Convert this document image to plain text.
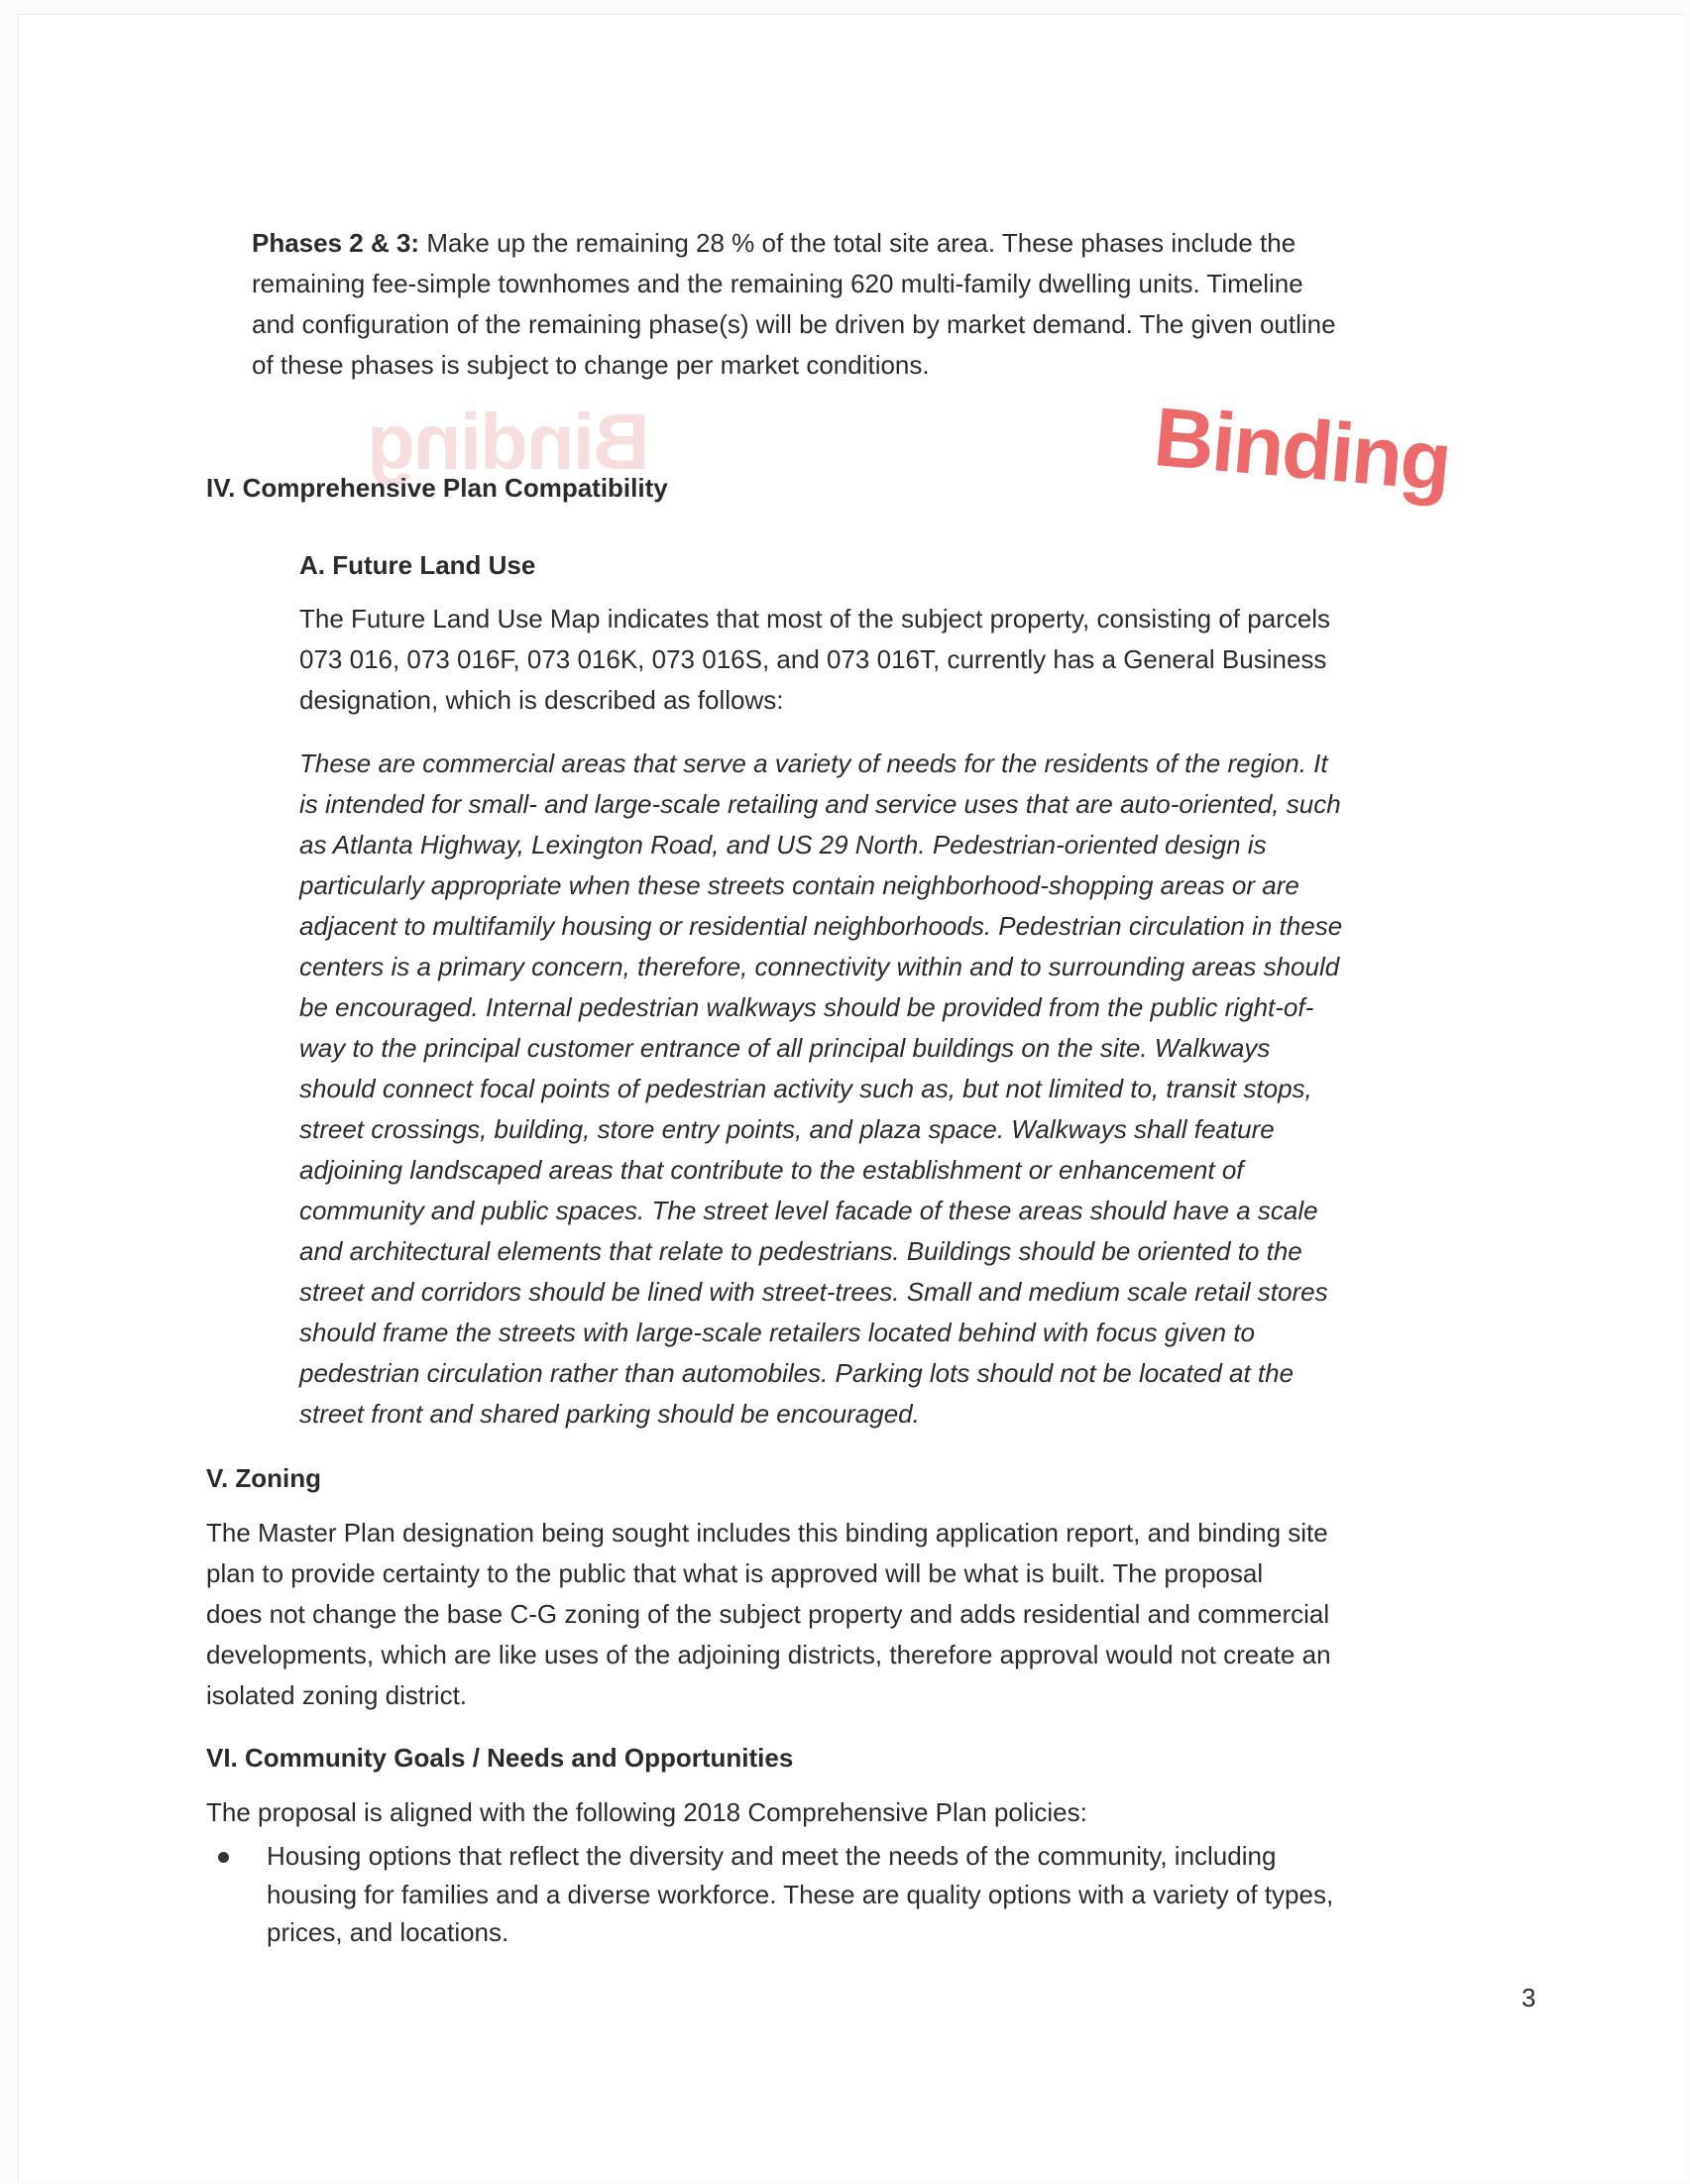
Phases 2 & 3: Make up the remaining 28 % of the total site area. These phases include the
remaining fee-simple townhomes and the remaining 620 multi-family dwelling units. Timeline
and configuration of the remaining phase(s) will be driven by market demand. The given outline
of these phases is subject to change per market conditions.
Binding	Binding
IV. Comprehensive Plan Compatibility
A. Future Land Use
The Future Land Use Map indicates that most of the subject property, consisting of parcels
073 016, 073 016F, 073 016K, 073 016S, and 073 016T, currently has a General Business
designation, which is described as follows:
These are commercial areas that serve a variety of needs for the residents of the region. It
is intended for small- and large-scale retailing and service uses that are auto-oriented, such
as Atlanta Highway, Lexington Road, and US 29 North. Pedestrian-oriented design is
particularly appropriate when these streets contain neighborhood-shopping areas or are
adjacent to multifamily housing or residential neighborhoods. Pedestrian circulation in these
centers is a primary concern, therefore, connectivity within and to surrounding areas should
be encouraged. Internal pedestrian walkways should be provided from the public right-of-
way to the principal customer entrance of all principal buildings on the site. Walkways
should connect focal points of pedestrian activity such as, but not limited to, transit stops,
street crossings, building, store entry points, and plaza space. Walkways shall feature
adjoining landscaped areas that contribute to the establishment or enhancement of
community and public spaces. The street level facade of these areas should have a scale
and architectural elements that relate to pedestrians. Buildings should be oriented to the
street and corridors should be lined with street-trees. Small and medium scale retail stores
should frame the streets with large-scale retailers located behind with focus given to
pedestrian circulation rather than automobiles. Parking lots should not be located at the
street front and shared parking should be encouraged.
V. Zoning
The Master Plan designation being sought includes this binding application report, and binding site
plan to provide certainty to the public that what is approved will be what is built. The proposal
does not change the base C-G zoning of the subject property and adds residential and commercial
developments, which are like uses of the adjoining districts, therefore approval would not create an
isolated zoning district.
VI. Community Goals / Needs and Opportunities
The proposal is aligned with the following 2018 Comprehensive Plan policies:
Housing options that reflect the diversity and meet the needs of the community, including
housing for families and a diverse workforce. These are quality options with a variety of types,
prices, and locations.
3
